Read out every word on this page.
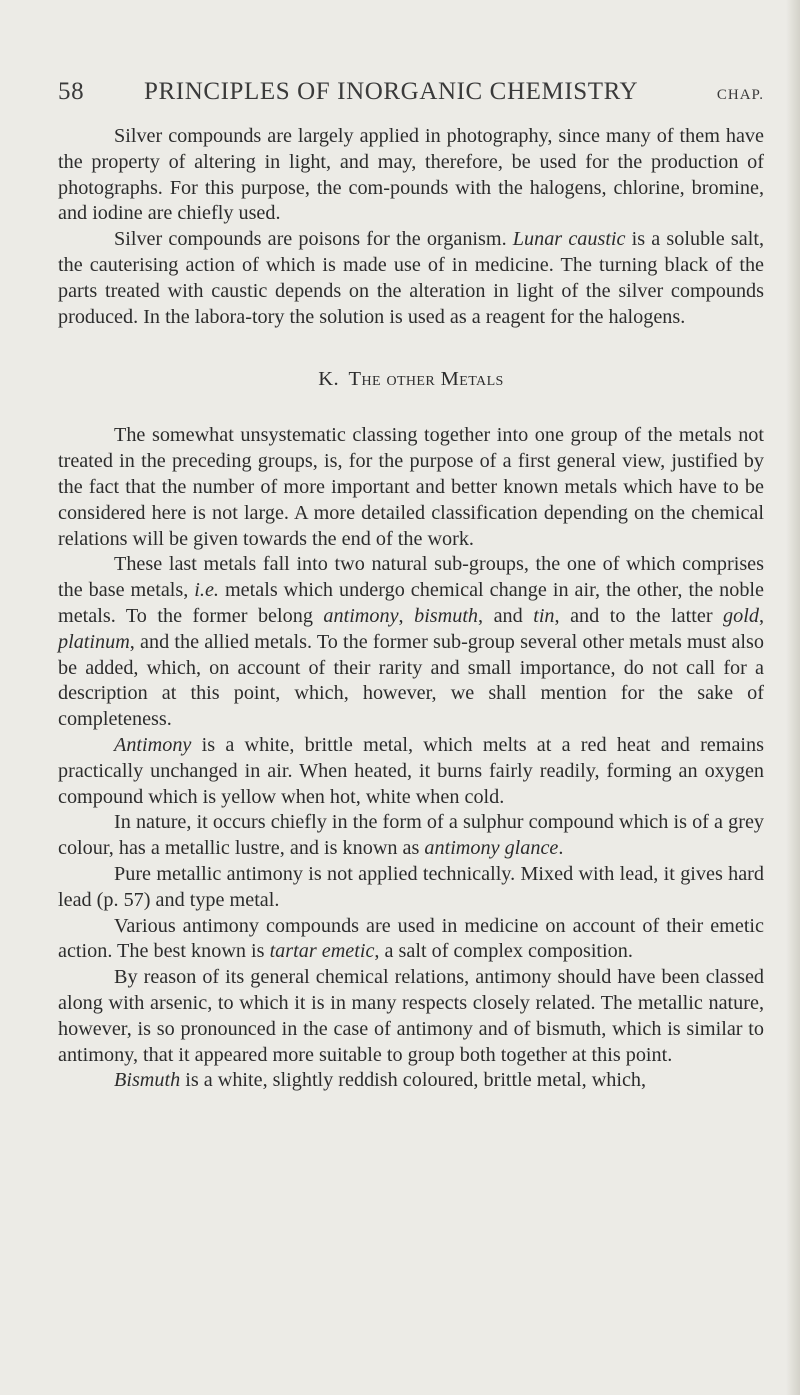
58	PRINCIPLES OF INORGANIC CHEMISTRY	CHAP.

Silver compounds are largely applied in photography, since many of them have the property of altering in light, and may, therefore, be used for the production of photographs. For this purpose, the com-pounds with the halogens, chlorine, bromine, and iodine are chiefly used.

Silver compounds are poisons for the organism. Lunar caustic is a soluble salt, the cauterising action of which is made use of in medicine. The turning black of the parts treated with caustic depends on the alteration in light of the silver compounds produced. In the labora-tory the solution is used as a reagent for the halogens.

K. The other Metals

The somewhat unsystematic classing together into one group of the metals not treated in the preceding groups, is, for the purpose of a first general view, justified by the fact that the number of more important and better known metals which have to be considered here is not large. A more detailed classification depending on the chemical relations will be given towards the end of the work.

These last metals fall into two natural sub-groups, the one of which comprises the base metals, i.e. metals which undergo chemical change in air, the other, the noble metals. To the former belong antimony, bismuth, and tin, and to the latter gold, platinum, and the allied metals. To the former sub-group several other metals must also be added, which, on account of their rarity and small importance, do not call for a description at this point, which, however, we shall mention for the sake of completeness.

Antimony is a white, brittle metal, which melts at a red heat and remains practically unchanged in air. When heated, it burns fairly readily, forming an oxygen compound which is yellow when hot, white when cold.

In nature, it occurs chiefly in the form of a sulphur compound which is of a grey colour, has a metallic lustre, and is known as antimony glance.

Pure metallic antimony is not applied technically. Mixed with lead, it gives hard lead (p. 57) and type metal.

Various antimony compounds are used in medicine on account of their emetic action. The best known is tartar emetic, a salt of complex composition.

By reason of its general chemical relations, antimony should have been classed along with arsenic, to which it is in many respects closely related. The metallic nature, however, is so pronounced in the case of antimony and of bismuth, which is similar to antimony, that it appeared more suitable to group both together at this point.

Bismuth is a white, slightly reddish coloured, brittle metal, which,
